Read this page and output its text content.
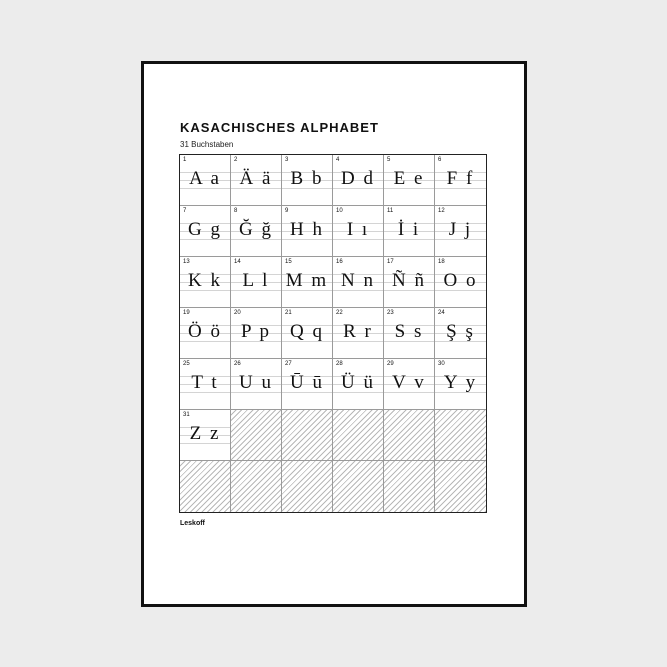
KASACHISCHES ALPHABET
31 Buchstaben
1
A a
2
Ä ä
3
B b
4
D d
5
E e
6
F f
7
G g
8
Ğ ğ
9
H h
10
I ı
11
İ i
12
J j
13
K k
14
L l
15
M m
16
N n
17
Ñ ñ
18
O o
19
Ö ö
20
P p
21
Q q
22
R r
23
S s
24
Ş ş
25
T t
26
U u
27
Ū ū
28
Ü ü
29
V v
30
Y y
31
Z z
Leskoff
